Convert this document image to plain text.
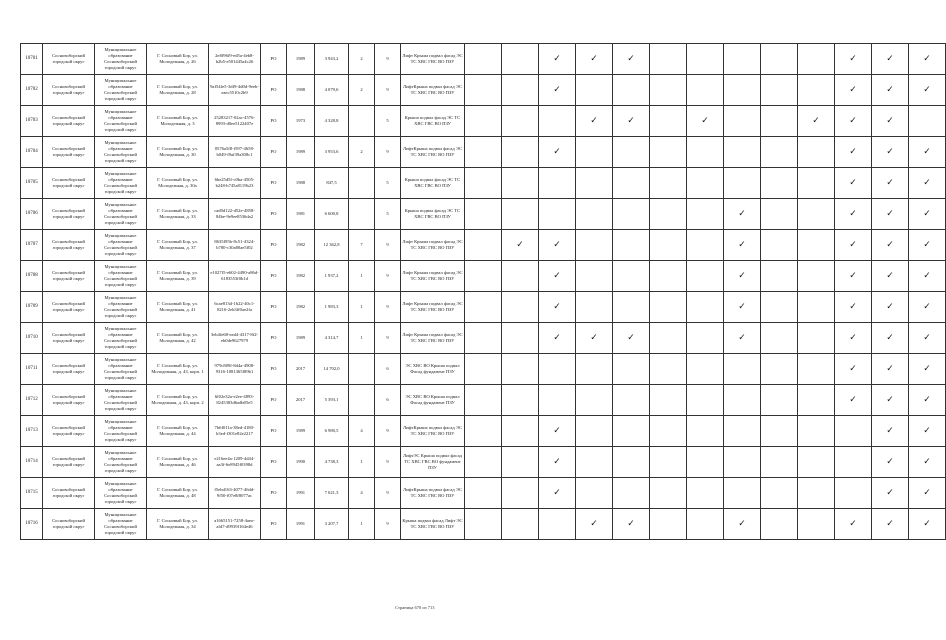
10701	Сосновоборский городской округ	Муниципальное образование Сосновоборский городской округ	Г. Сосновый Бор, ул. Молодежная, д. 26	2e8f96f9-ed5a-4eb8-b2b5-e501445a4c26	РО	1989	3 943,2	2	9	Лифт Крыша подвал фасад ЭС ТС ХВС ГВС ВО ПЗУ			✓	✓	✓						✓	✓	✓
10702	Сосновоборский городской округ	Муниципальное образование Сосновоборский городской округ	Г. Сосновый Бор, ул. Молодежная, д. 28	9af54fe5-3df9-4d0d-9eeb-eaec5510c2b9	РО	1988	4 079,6	2	9	ЛифтКрыша подвал фасад ЭС ТС ХВС ГВС ВО ПЗУ			✓								✓	✓	✓
10703	Сосновоборский городской округ	Муниципальное образование Сосновоборский городской округ	Г. Сосновый Бор, ул. Молодежная, д. 3	25283217-02ac-4576-8993-d0ee5122407e	РО	1973	4 328,8		5	Крыша подвал фасад ЭС ТС ХВС ГВС ВО ПЗУ				✓	✓		✓			✓	✓	✓	
10704	Сосновоборский городской округ	Муниципальное образование Сосновоборский городской округ	Г. Сосновый Бор, ул. Молодежная, д. 30	0576a5f8-f597-4658-b049-f9af39a308c1	РО	1989	3 953,6	2	9	ЛифтКрыша подвал фасад ЭС ТС ХВС ГВС ВО ПЗУ			✓								✓	✓	✓
10705	Сосновоборский городской округ	Муниципальное образование Сосновоборский городской округ	Г. Сосновый Бор, ул. Молодежная, д. 30а	6be25d5f-c0ba-4505-b248-b745a8119b23	РО	1988	847,5		5	Крыша подвал фасад ЭС ТС ХВС ГВС ВО ПЗУ											✓	✓	✓
10706	Сосновоборский городской округ	Муниципальное образование Сосновоборский городской округ	Г. Сосновый Бор, ул. Молодежная, д. 33	cad0d122-d52e-4858-84be-9e9ee8536da2	РО	1981	6 600,8		5	Крыша подвал фасад ЭС ТС ХВС ГВС ВО ПЗУ								✓			✓	✓	✓
10707	Сосновоборский городской округ	Муниципальное образование Сосновоборский городской округ	Г. Сосновый Бор, ул. Молодежная, д. 37	8635f95b-8c51-4324-b780-c30a80ae5f02	РО	1982	12 362,8	7	9	Лифт Крыша подвал фасад ЭС ТС ХВС ГВС ВО ПЗУ		✓	✓					✓			✓	✓	✓
10708	Сосновоборский городской округ	Муниципальное образование Сосновоборский городской округ	Г. Сосновый Бор, ул. Молодежная, д. 39	e1027f5-e602-4490-a86d-6183553f0b1d	РО	1982	1 937,2	1	9	Лифт Крыша подвал фасад ЭС ТС ХВС ГВС ВО ПЗУ			✓					✓			✓	✓	✓
10709	Сосновоборский городской округ	Муниципальное образование Сосновоборский городской округ	Г. Сосновый Бор, ул. Молодежная, д. 41	6cae813d-1622-40c1-8216-2eb3ff0ae2fa	РО	1982	1 983,3	1	9	Лифт Крыша подвал фасад ЭС ТС ХВС ГВС ВО ПЗУ			✓					✓			✓	✓	✓
10710	Сосновоборский городской округ	Муниципальное образование Сосновоборский городской округ	Г. Сосновый Бор, ул. Молодежная, д. 42	3eb4fe68-ead4-4317-8f2-eb0de9627979	РО	1989	4 314,7	1	9	Лифт Крыша подвал фасад ЭС ТС ХВС ГВС ВО ПЗУ			✓	✓	✓			✓			✓	✓	✓
10711	Сосновоборский городской округ	Муниципальное образование Сосновоборский городской округ	Г. Сосновый Бор, ул. Молодежная, д. 43, корп. 1	979c809f-8d4a-4908-9316-1081365f89b1	РО	2017	14 702,0		6	ЭС ХВС ВО Крыша подвал Фасад фундамент ПЗУ											✓	✓	✓
10712	Сосновоборский городской округ	Муниципальное образование Сосновоборский городской округ	Г. Сосновый Бор, ул. Молодежная, д. 43, корп. 2	6f02e32a-e2ee-4893-8245383d6adb05e5	РО	2017	5 393,1		6	ЭС ХВС ВО Крыша подвал Фасад фундамент ПЗУ											✓	✓	✓
10713	Сосновоборский городской округ	Муниципальное образование Сосновоборский городской округ	Г. Сосновый Бор, ул. Молодежная, д. 44	7b6f011a-38ed-4180-b3ed-f301e82e2217	РО	1989	6 980,5	4	9	ЛифтКрыша подвал фасад ЭС ТС ХВС ГВС ВО ПЗУ			✓									✓	✓
10714	Сосновоборский городской округ	Муниципальное образование Сосновоборский городской округ	Г. Сосновый Бор, ул. Молодежная, д. 46	e216ee4a-1209-4d44-aa3f-6e8945f0398d	РО	1990	4 738,3	1	9	ЛифтЭС Крыша подвал фасад ТС ХВС ГВС ВО фундамент ПЗУ			✓									✓	✓
10715	Сосновоборский городской округ	Муниципальное образование Сосновоборский городской округ	Г. Сосновый Бор, ул. Молодежная, д. 48	f5ebd163-4077-46dd-9f50-f07e8f8077ac	РО	1991	7 021,3	4	9	ЛифтКрыша подвал фасад ЭС ТС ХВС ГВС ВО ПЗУ			✓									✓	✓
10716	Сосновоборский городской округ	Муниципальное образование Сосновоборский городской округ	Г. Сосновый Бор, ул. Молодежная, д. 34	a1665151-7258-4aeo-afd7-d9939f164e46	РО	1991	3 207,7	1	9	Крыша подвал фасад Лифт ЭС ТС ХВС ГВС ВО ПЗУ				✓	✓			✓			✓	✓	✓
Страница 670 из 713
